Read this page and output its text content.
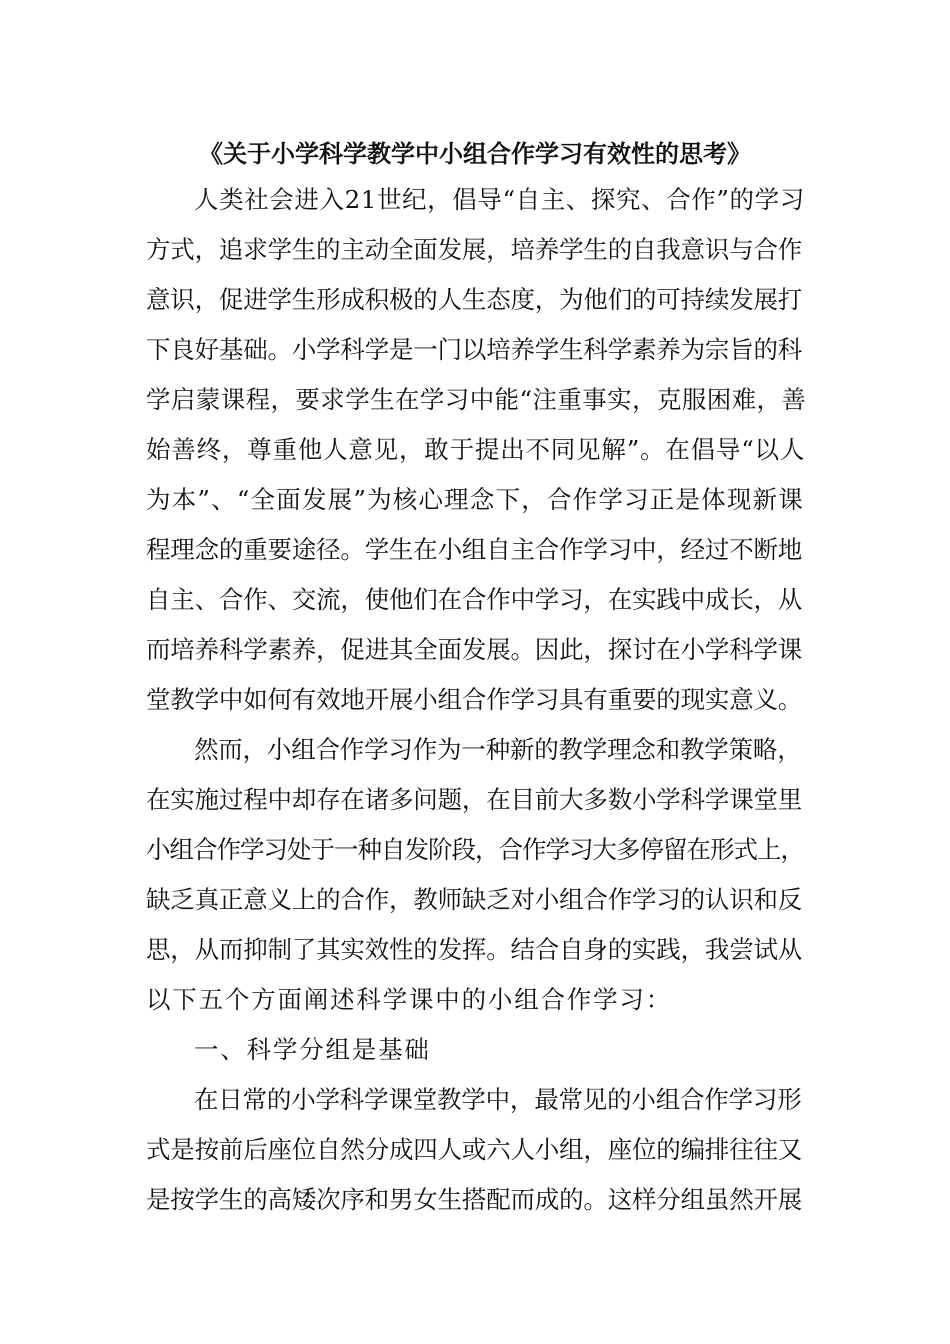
《关于小学科学教学中小组合作学习有效性的思考》
人类社会进入21世纪，倡导“自主、探究、合作”的学习
方式，追求学生的主动全面发展，培养学生的自我意识与合作
意识，促进学生形成积极的人生态度，为他们的可持续发展打
下良好基础。小学科学是一门以培养学生科学素养为宗旨的科
学启蒙课程，要求学生在学习中能“注重事实，克服困难，善
始善终，尊重他人意见，敢于提出不同见解”。在倡导“以人
为本”、“全面发展”为核心理念下，合作学习正是体现新课
程理念的重要途径。学生在小组自主合作学习中，经过不断地
自主、合作、交流，使他们在合作中学习，在实践中成长，从
而培养科学素养，促进其全面发展。因此，探讨在小学科学课
堂教学中如何有效地开展小组合作学习具有重要的现实意义。
然而，小组合作学习作为一种新的教学理念和教学策略，
在实施过程中却存在诸多问题，在目前大多数小学科学课堂里
小组合作学习处于一种自发阶段，合作学习大多停留在形式上，
缺乏真正意义上的合作，教师缺乏对小组合作学习的认识和反
思，从而抑制了其实效性的发挥。结合自身的实践，我尝试从
以下五个方面阐述科学课中的小组合作学习：
一、科学分组是基础
在日常的小学科学课堂教学中，最常见的小组合作学习形
式是按前后座位自然分成四人或六人小组，座位的编排往往又
是按学生的高矮次序和男女生搭配而成的。这样分组虽然开展
